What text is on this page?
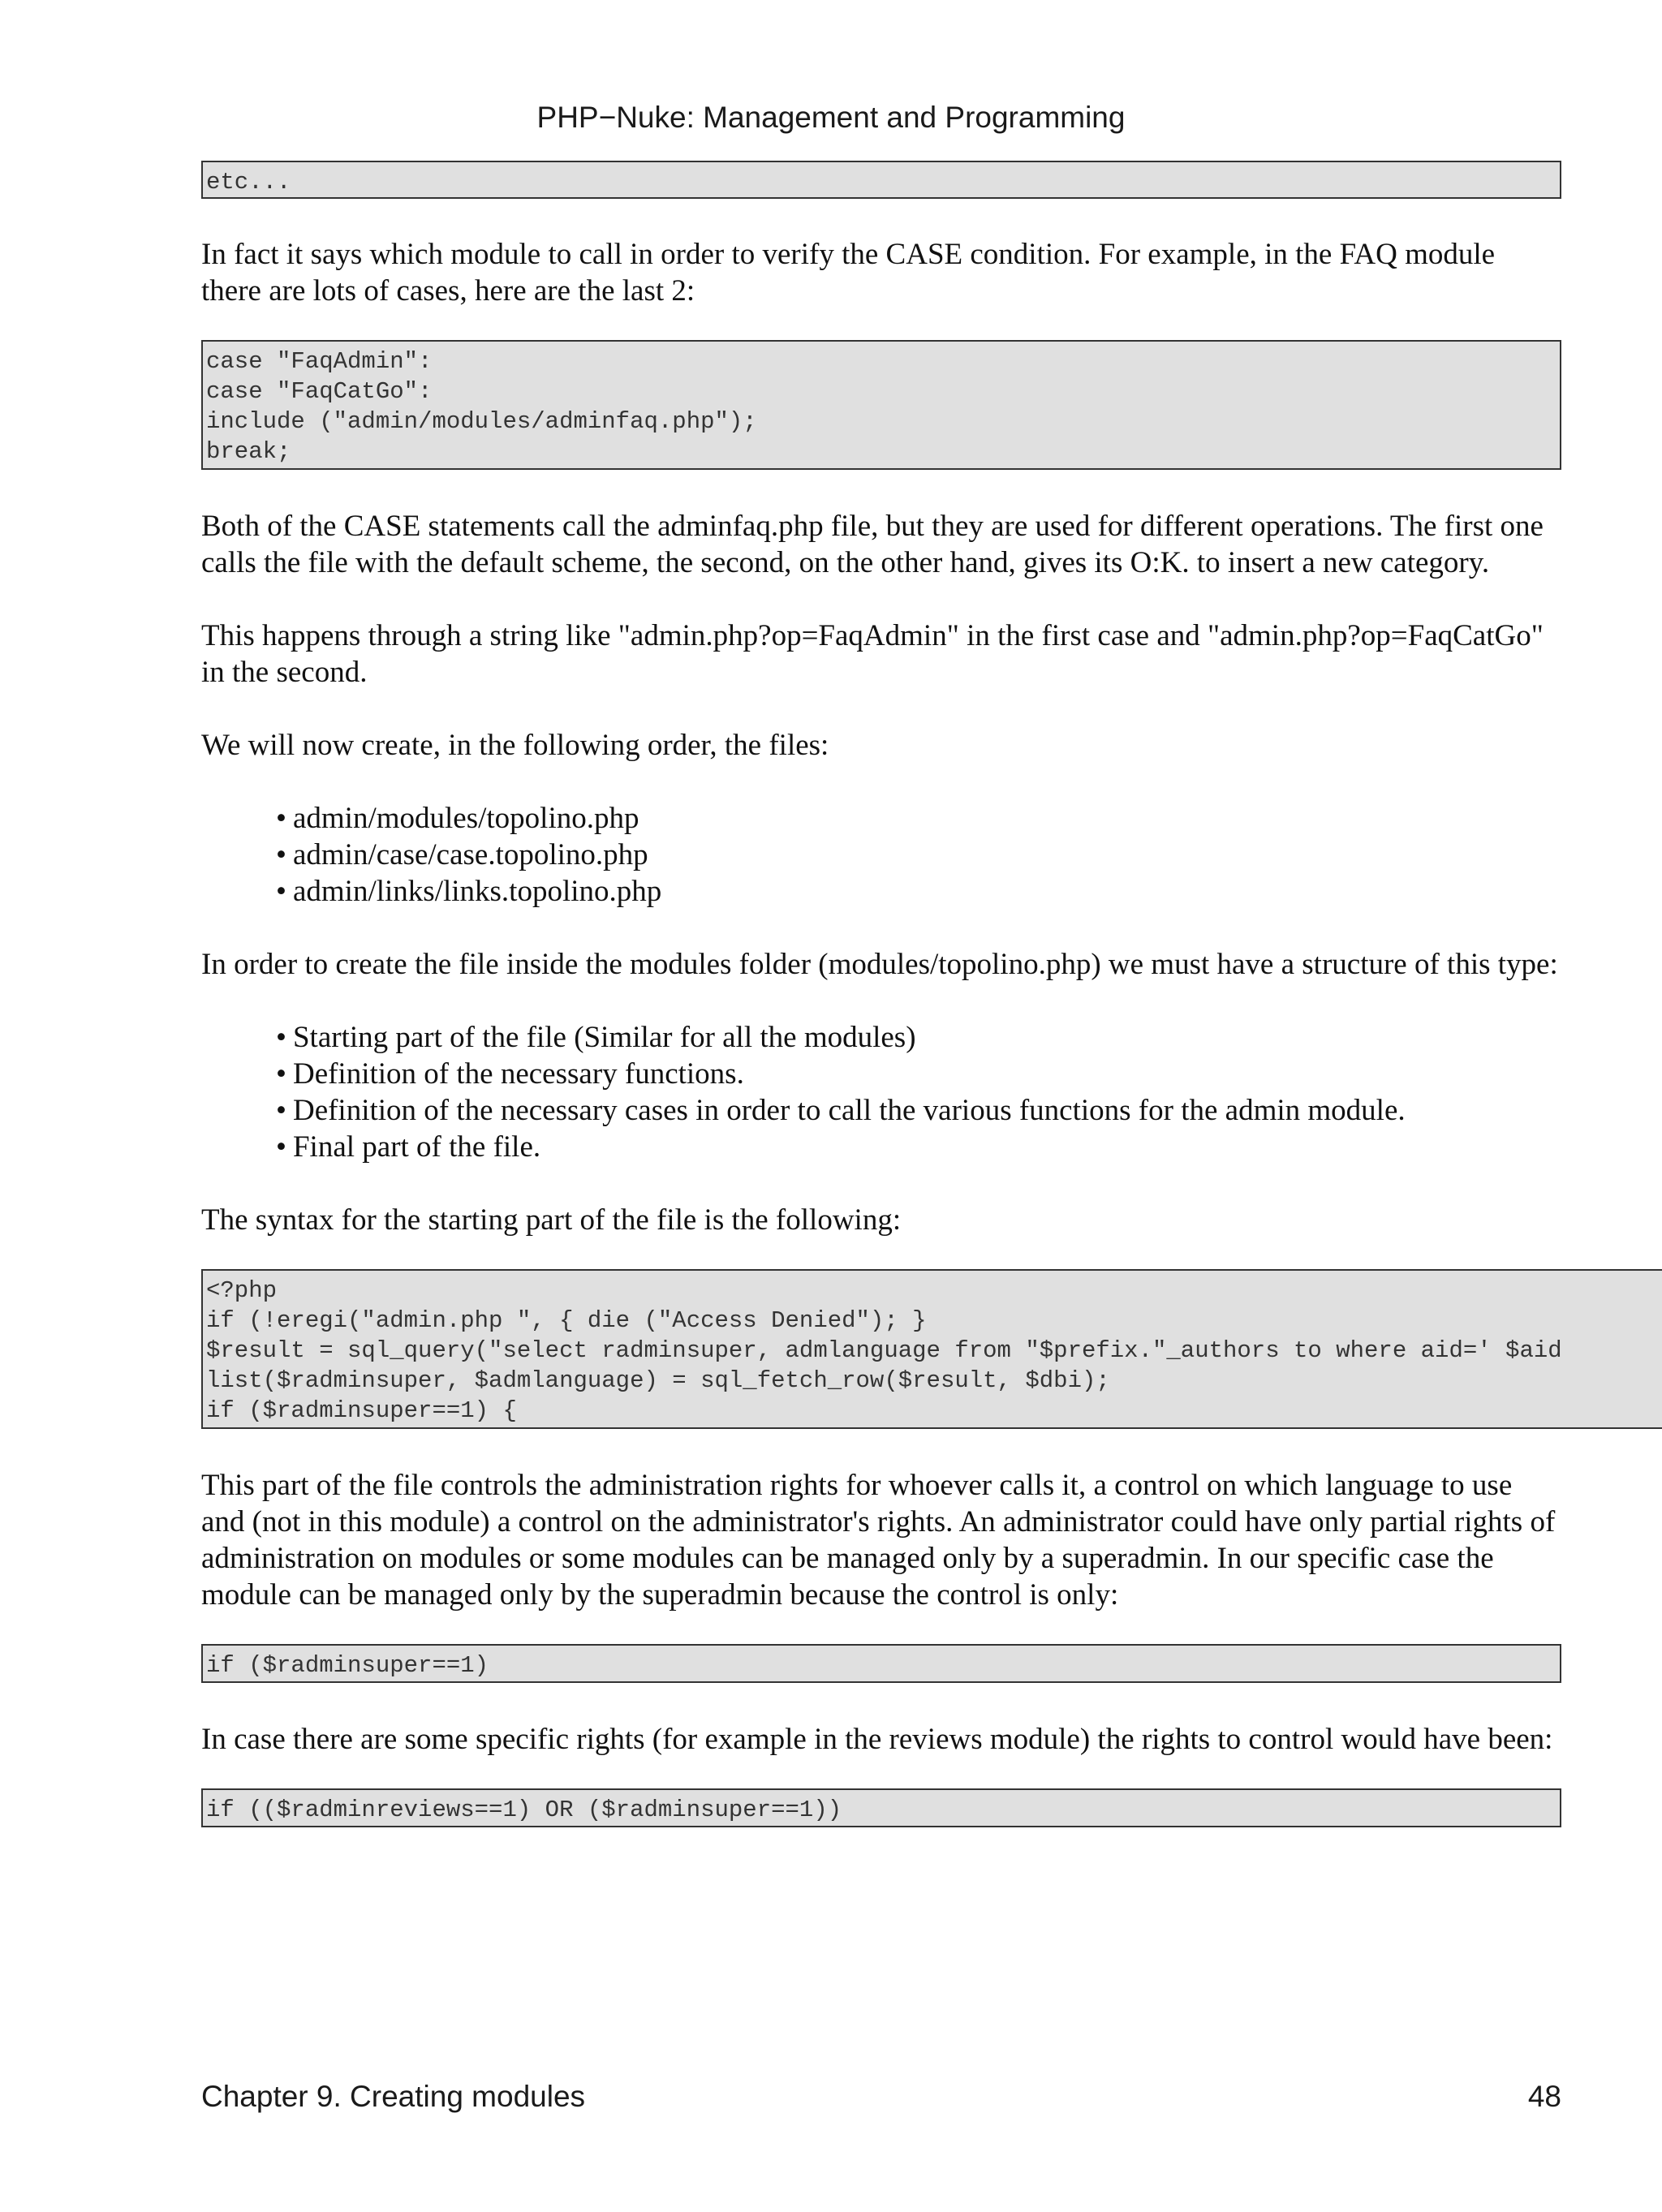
PHP−Nuke: Management and Programming
etc...

In fact it says which module to call in order to verify the CASE condition. For example, in the FAQ module there are lots of cases, here are the last 2:

case "FaqAdmin":
case "FaqCatGo":
include ("admin/modules/adminfaq.php");
break;

Both of the CASE statements call the adminfaq.php file, but they are used for different operations. The first one calls the file with the default scheme, the second, on the other hand, gives its O:K. to insert a new category.

This happens through a string like "admin.php?op=FaqAdmin" in the first case and "admin.php?op=FaqCatGo" in the second.

We will now create, in the following order, the files:

• admin/modules/topolino.php
• admin/case/case.topolino.php
• admin/links/links.topolino.php

In order to create the file inside the modules folder (modules/topolino.php) we must have a structure of this type:

• Starting part of the file (Similar for all the modules)
• Definition of the necessary functions.
• Definition of the necessary cases in order to call the various functions for the admin module.
• Final part of the file.

The syntax for the starting part of the file is the following:

<?php
if (!eregi("admin.php ", { die ("Access Denied"); }
$result = sql_query("select radminsuper, admlanguage from "$prefix."_authors to where aid=' $aid
list($radminsuper, $admlanguage) = sql_fetch_row($result, $dbi);
if ($radminsuper==1) {

This part of the file controls the administration rights for whoever calls it, a control on which language to use and (not in this module) a control on the administrator's rights. An administrator could have only partial rights of administration on modules or some modules can be managed only by a superadmin. In our specific case the module can be managed only by the superadmin because the control is only:

if ($radminsuper==1)

In case there are some specific rights (for example in the reviews module) the rights to control would have been:

if (($radminreviews==1) OR ($radminsuper==1))
Chapter 9. Creating modules	48
